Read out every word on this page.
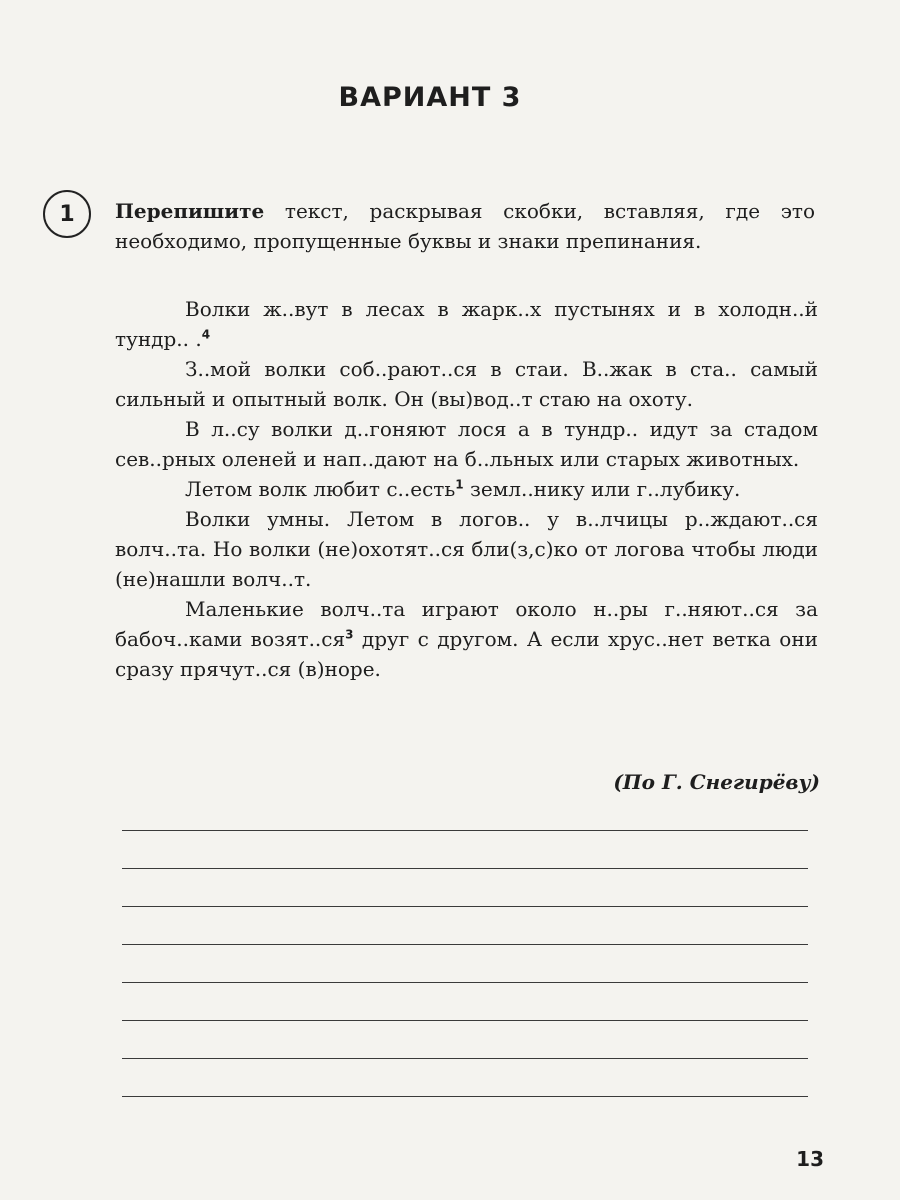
ВАРИАНТ 3
1	Перепишите текст, раскрывая скобки, вставляя, где это необходимо, пропущенные буквы и знаки препинания.

Волки ж..вут в лесах в жарк..х пустынях и в холодн..й тундр.. .$^4$

З..мой волки соб..рают..ся в стаи. В..жак в ста.. самый сильный и опытный волк. Он (вы)вод..т стаю на охоту.

В л..су волки д..гоняют лося а в тундр.. идут за стадом сев..рных оленей и нап..дают на б..льных или старых животных.

Летом волк любит с..есть$^1$ земл..нику или г..лубику.

Волки умны. Летом в логов.. у в..лчицы р..ждают..ся волч..та. Но волки (не)охотят..ся бли(з,с)ко от логова чтобы люди (не)нашли волч..т.

Маленькие волч..та играют около н..ры г..няют..ся за бабоч..ками $возят..ся^3$ друг с другом. А если хрус..нет ветка они сразу прячут..ся (в)норе.

(По Г. Снегирёву)
13
